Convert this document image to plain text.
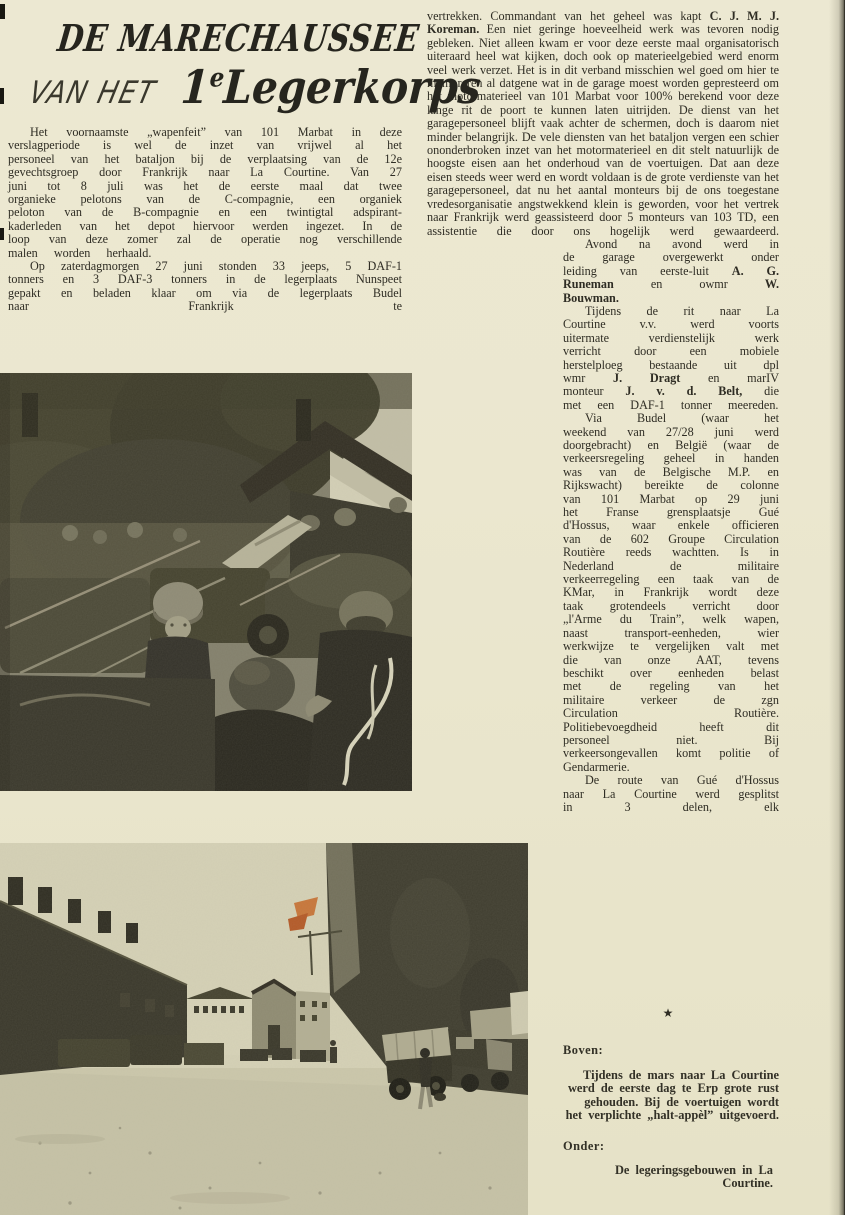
DE MARECHAUSSEE
VAN HET 1eLegerkorps

Het voornaamste „wapenfeit” van 101 Marbat in deze verslagperiode is wel de inzet van vrijwel al het personeel van het bataljon bij de verplaatsing van de 12e gevechtsgroep door Frankrijk naar La Courtine. Van 27 juni tot 8 juli was het de eerste maal dat twee organieke pelotons van de C-compagnie, een organiek peloton van de B-compagnie en een twintigtal adspirant-kaderleden van het depot hiervoor werden ingezet. In de loop van deze zomer zal de operatie nog verschillende malen worden herhaald.

Op zaterdagmorgen 27 juni stonden 33 jeeps, 5 DAF-1 tonners en 3 DAF-3 tonners in de legerplaats Nunspeet gepakt en beladen klaar om via de legerplaats Budel naar Frankrijk te

vertrekken. Commandant van het geheel was kapt C. J. M. J. Koreman. Een niet geringe hoeveelheid werk was tevoren nodig gebleken. Niet alleen kwam er voor deze eerste maal organisatorisch uiteraard heel wat kijken, doch ook op materieelgebied werd enorm veel werk verzet. Het is in dit verband misschien wel goed om hier te memoreren al datgene wat in de garage moest worden gepresteerd om het motormaterieel van 101 Marbat voor 100% berekend voor deze lange rit de poort te kunnen laten uitrijden. De dienst van het garagepersoneel blijft vaak achter de schermen, doch is daarom niet minder belangrijk. De vele diensten van het bataljon vergen een schier ononderbroken inzet van het motormaterieel en dit stelt natuurlijk de hoogste eisen aan het onderhoud van de voertuigen. Dat aan deze eisen steeds weer werd en wordt voldaan is de grote verdienste van het garagepersoneel, dat nu het aantal monteurs bij de ons toegestane vredesorganisatie angstwekkend klein is geworden, voor het vertrek naar Frankrijk werd geassisteerd door 5 monteurs van 103 TD, een assistentie die door ons hogelijk werd gewaardeerd.

Avond na avond werd in de garage overgewerkt onder leiding van eerste-luit A. G. Runeman en owmr W. Bouwman.

Tijdens de rit naar La Courtine v.v. werd voorts uitermate verdienstelijk werk verricht door een mobiele herstelploeg bestaande uit dpl wmr J. Dragt en marIV monteur J. v. d. Belt, die met een DAF-1 tonner meereden.

Via Budel (waar het weekend van 27/28 juni werd doorgebracht) en België (waar de verkeersregeling geheel in handen was van de Belgische M.P. en Rijkswacht) bereikte de colonne van 101 Marbat op 29 juni het Franse grensplaatsje Gué d'Hossus, waar enkele officieren van de 602 Groupe Circulation Routière reeds wachtten. Is in Nederland de militaire verkeerregeling een taak van de KMar, in Frankrijk wordt deze taak grotendeels verricht door „l'Arme du Train”, welk wapen, naast transport-eenheden, wier werkwijze te vergelijken valt met die van onze AAT, tevens beschikt over eenheden belast met de regeling van het militaire verkeer de zgn Circulation Routière. Politiebevoegdheid heeft dit personeel niet. Bij verkeersongevallen komt politie of Gendarmerie.

De route van Gué d'Hossus naar La Courtine werd gesplitst in 3 delen, elk

★

Boven:

Tijdens de mars naar La Courtine werd de eerste dag te Erp grote rust gehouden. Bij de voertuigen wordt het verplichte „halt-appèl” uitgevoerd.

Onder:

De legeringsgebouwen in La Courtine.
